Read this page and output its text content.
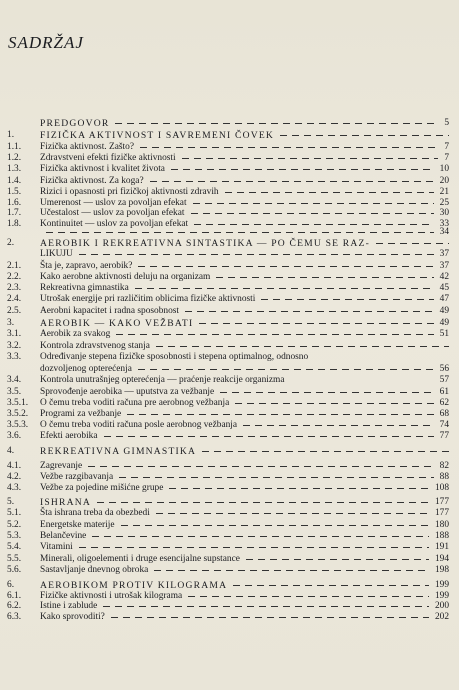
SADRŽAJ
PREDGOVOR	5
1.	FIZIČKA AKTIVNOST I SAVREMENI ČOVEK
1.1. Fizička aktivnost. Zašto?	7
1.2. Zdravstveni efekti fizičke aktivnosti	7
1.3. Fizička aktivnost i kvalitet života	10
1.4. Fizička aktivnost. Za koga?	20
1.5. Rizici i opasnosti pri fizičkoj aktivnosti zdravih	21
1.6. Umerenost — uslov za povoljan efekat	25
1.7. Učestalost — uslov za povoljan efekat	30
1.8. Kontinuitet — uslov za povoljan efekat	33
34
2.	AEROBIK I REKREATIVNA SINTASTIKA — PO ČEMU SE RAZ-
LIKUJU	37
2.1. Šta je, zapravo, aerobik?	37
2.2. Kako aerobne aktivnosti deluju na organizam	42
2.3. Rekreativna gimnastika	45
2.4. Utrošak energije pri različitim oblicima fizičke aktivnosti	47
2.5. Aerobni kapacitet i radna sposobnost	49
3.	AEROBIK — KAKO VEŽBATI	49
3.1. Aerobik za svakog	51
3.2. Kontrola zdravstvenog stanja
3.3. Određivanje stepena fizičke sposobnosti i stepena optimalnog, odnosno
dozvoljenog opterećenja	56
3.4. Kontrola unutrašnjeg opterećenja — praćenje reakcije organizma	57
3.5. Sprovođenje aerobika — uputstva za vežbanje	61
3.5.1. O čemu treba voditi računa pre aerobnog vežbanja	62
3.5.2. Programi za vežbanje	68
3.5.3. O čemu treba voditi računa posle aerobnog vežbanja	74
3.6. Efekti aerobika	77
4.	REKREATIVNA GIMNASTIKA
4.1. Zagrevanje	82
4.2. Vežbe razgibavanja	88
4.3. Vežbe za pojedine mišićne grupe	108
5.	ISHRANA	177
5.1. Šta ishrana treba da obezbedi	177
5.2. Energetske materije	180
5.3. Belančevine	188
5.4. Vitamini	191
5.5. Minerali, oligoelementi i druge esencijalne supstance	194
5.6. Sastavljanje dnevnog obroka	198
6.	AEROBIKOM PROTIV KILOGRAMA	199
6.1. Fizičke aktivnosti i utrošak kilograma	199
6.2. Istine i zablude	200
6.3. Kako sprovoditi?	202
